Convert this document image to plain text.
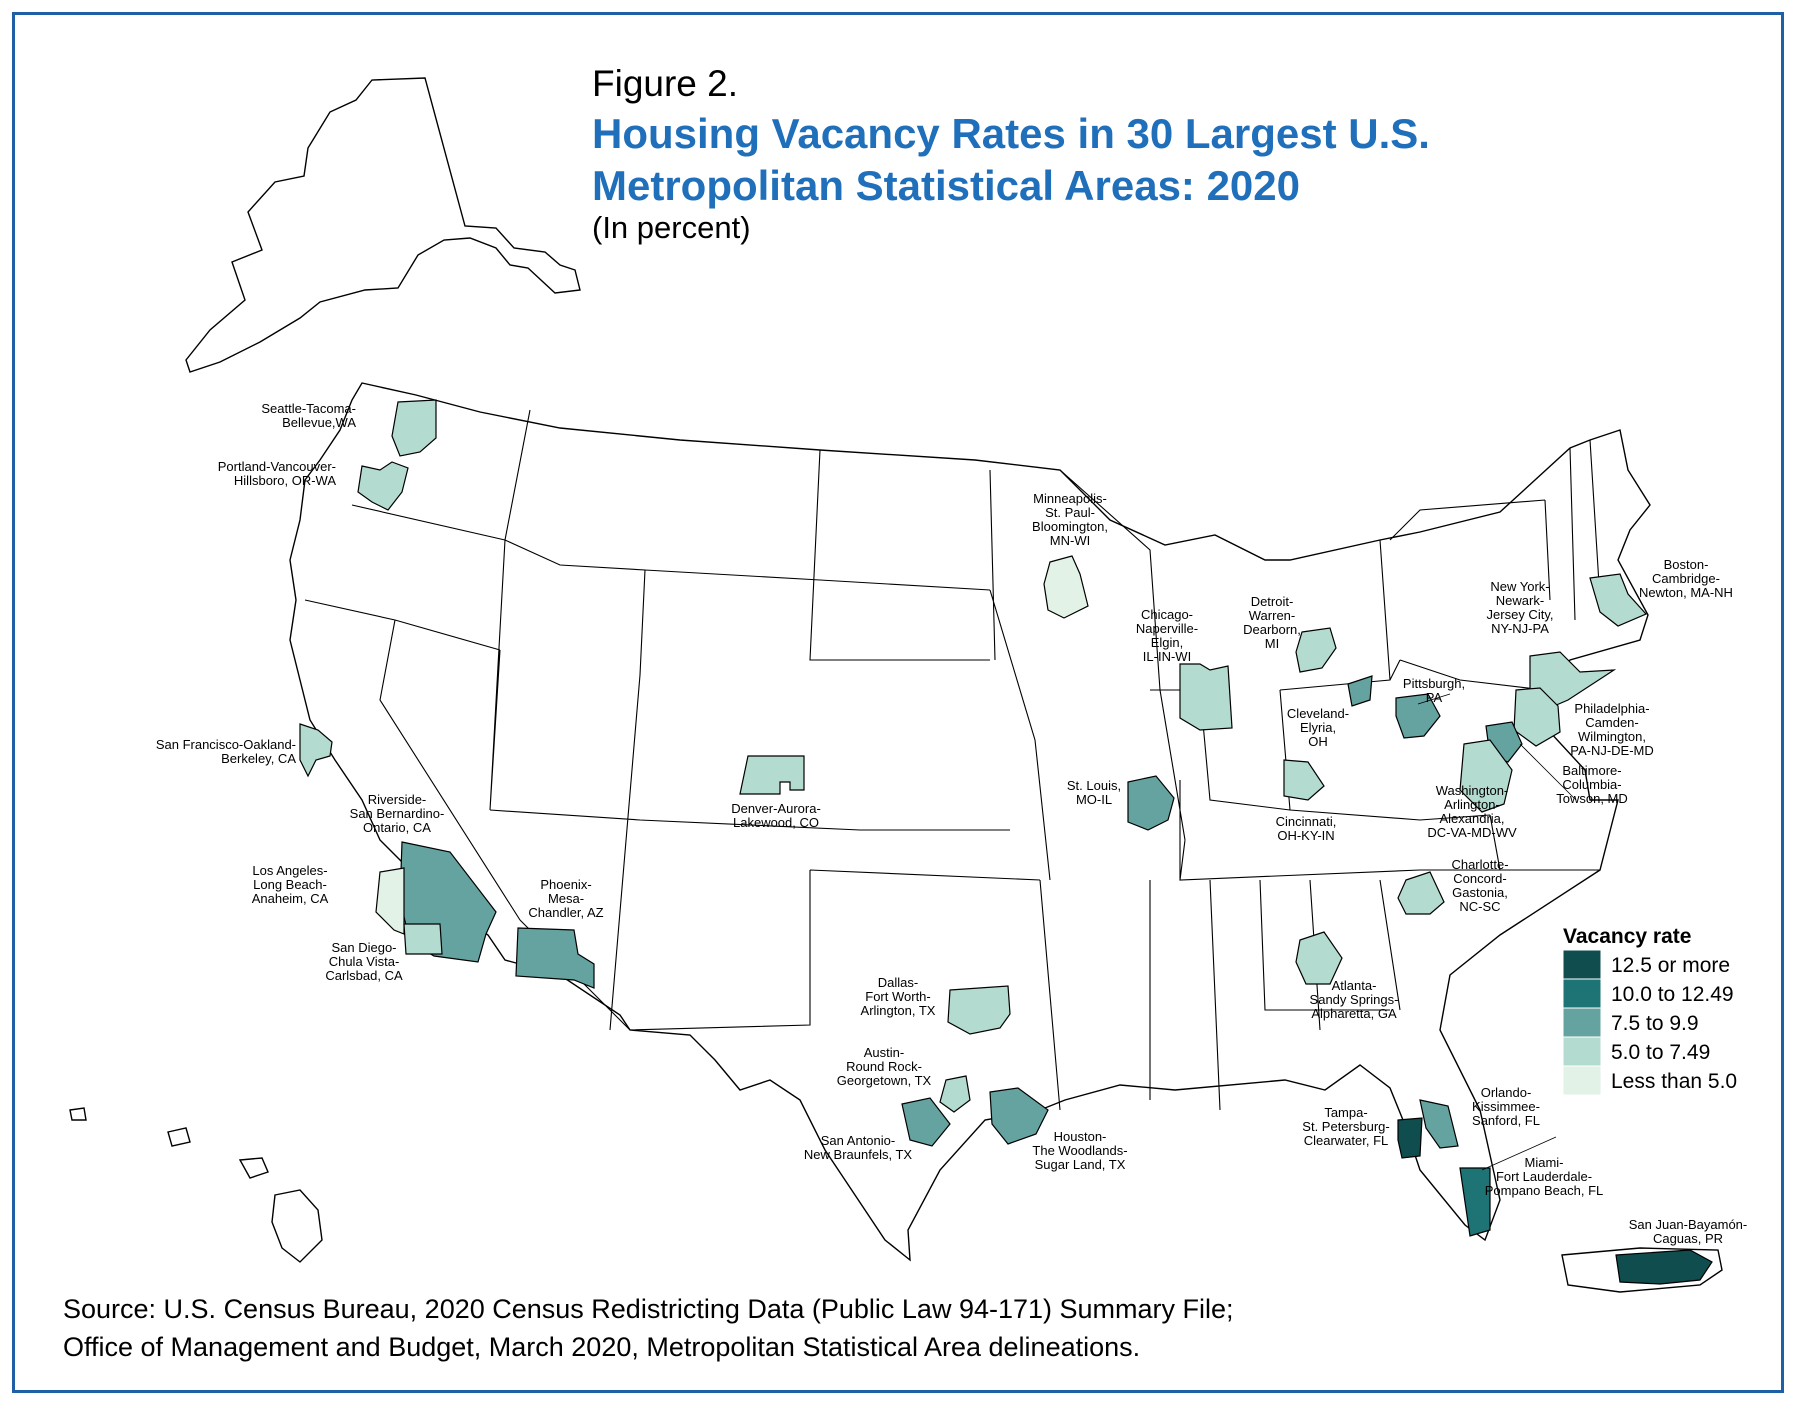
Seattle-Tacoma-Bellevue,WA
Portland-Vancouver-Hillsboro, OR-WA
San Francisco-Oakland-Berkeley, CA
Riverside-San Bernardino-Ontario, CA
Los Angeles-Long Beach-Anaheim, CA
San Diego-Chula Vista-Carlsbad, CA
Phoenix-Mesa-Chandler, AZ
Denver-Aurora-Lakewood, CO
Minneapolis-St. Paul-Bloomington, MN-WI
Chicago-Naperville-Elgin, IL-IN-WI
Detroit-Warren-Dearborn, MI
Cleveland-Elyria, OH
Pittsburgh, PA
St. Louis, MO-IL
Cincinnati, OH-KY-IN
New York-Newark-Jersey City, NY-NJ-PA
Boston-Cambridge-Newton, MA-NH
Philadelphia-Camden-Wilmington, PA-NJ-DE-MD
Baltimore-Columbia-Towson, MD
Washington-Arlington-Alexandria, DC-VA-MD-WV
Charlotte-Concord-Gastonia, NC-SC
Atlanta-Sandy Springs-Alpharetta, GA
Dallas-Fort Worth-Arlington, TX
Austin-Round Rock-Georgetown, TX
San Antonio-New Braunfels, TX
Houston-The Woodlands-Sugar Land, TX
Tampa-St. Petersburg-Clearwater, FL
Orlando-Kissimmee-Sanford, FL
Miami-Fort Lauderdale-Pompano Beach, FL
San Juan-Bayamón-Caguas, PR
Vacancy rate
12.5 or more
10.0 to 12.49
7.5 to 9.9
5.0 to 7.49
Less than 5.0
Figure 2.
Housing Vacancy Rates in 30 Largest U.S. Metropolitan Statistical Areas: 2020
(In percent)
Source: U.S. Census Bureau, 2020 Census Redistricting Data (Public Law 94-171) Summary File;
Office of Management and Budget, March 2020, Metropolitan Statistical Area delineations.
